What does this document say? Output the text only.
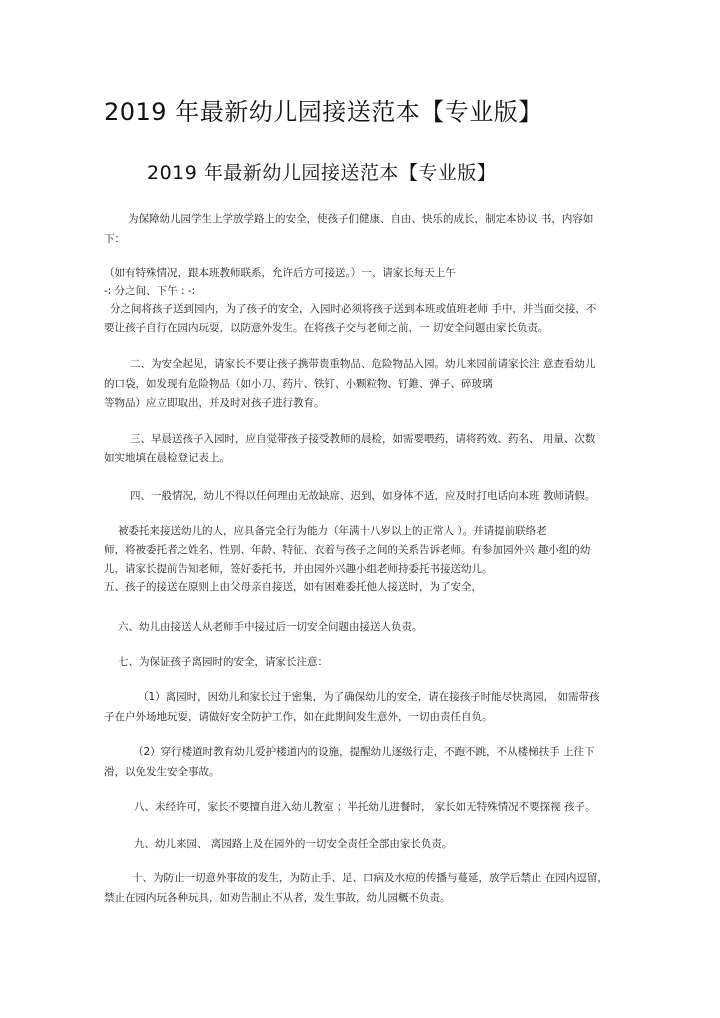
2019 年最新幼儿园接送范本【专业版】
2019 年最新幼儿园接送范本【专业版】
为保障幼儿园学生上学放学路上的安全，使孩子们健康、自由、快乐的成长，制定本协议 书，内容如
下：
（如有特殊情况，跟本班教师联系，允许后方可接送。）一、请家长每天上午
-: 分之间、下午 : -:
分之间将孩子送到园内，为了孩子的安全，入园时必须将孩子送到本班或值班老师 手中，并当面交接，不
要让孩子自行在园内玩耍，以防意外发生。在将孩子交与老师之前，一 切安全问题由家长负责。
二、为安全起见，请家长不要让孩子携带贵重物品、危险物品入园。幼儿来园前请家长注 意查看幼儿
的口袋，如发现有危险物品（如小刀、药片、铁钉、小颗粒物、钉錐、弹子、碎玻璃
等物品）应立即取出，并及时对孩子进行教育。
三、早晨送孩子入园时，应自觉带孩子接受教师的晨检，如需要喂药，请将药效、药名、 用量、次数
如实地填在晨检登记表上。
四、一般情况，幼儿不得以任何理由无故缺席、迟到，如身体不适，应及时打电话向本班 教师请假。
被委托来接送幼儿的人，应具备完全行为能力（年满十八岁以上的正常人 ）。并请提前联络老
师，将被委托者之姓名、性别、年龄、特征、衣着与孩子之间的关系告诉老师。有参加园外兴 趣小组的幼
儿，请家长提前告知老师，签好委托书，并由园外兴趣小组老师持委托书接送幼儿。
五、孩子的接送在原则上由父母亲自接送，如有困难委托他人接送时，为了安全，
六、幼儿由接送人从老师手中接过后一切安全问题由接送人负责。
七、为保证孩子离园时的安全，请家长注意：
（1）离园时，因幼儿和家长过于密集，为了确保幼儿的安全，请在接孩子时能尽快离园， 如需带孩
子在户外场地玩耍，请做好安全防护工作，如在此期间发生意外，一切由责任自负。
（2）穿行楼道时教育幼儿爱护楼道内的设施，提醒幼儿逐级行走，不跑不跳，不从楼梯扶手 上往下
滑，以免发生安全事故。
八、未经许可，家长不要擅自进入幼儿教室 ；半托幼儿进餐时， 家长如无特殊情况不要探视 孩子。
九、幼儿来园、 离园路上及在园外的一切安全责任全部由家长负责。
十、为防止一切意外事故的发生，为防止手、足、口病及水痘的传播与蔓延，放学后禁止 在园内逗留，
禁止在园内玩各种玩具，如劝告制止不从者，发生事故，幼儿园概不负责。
